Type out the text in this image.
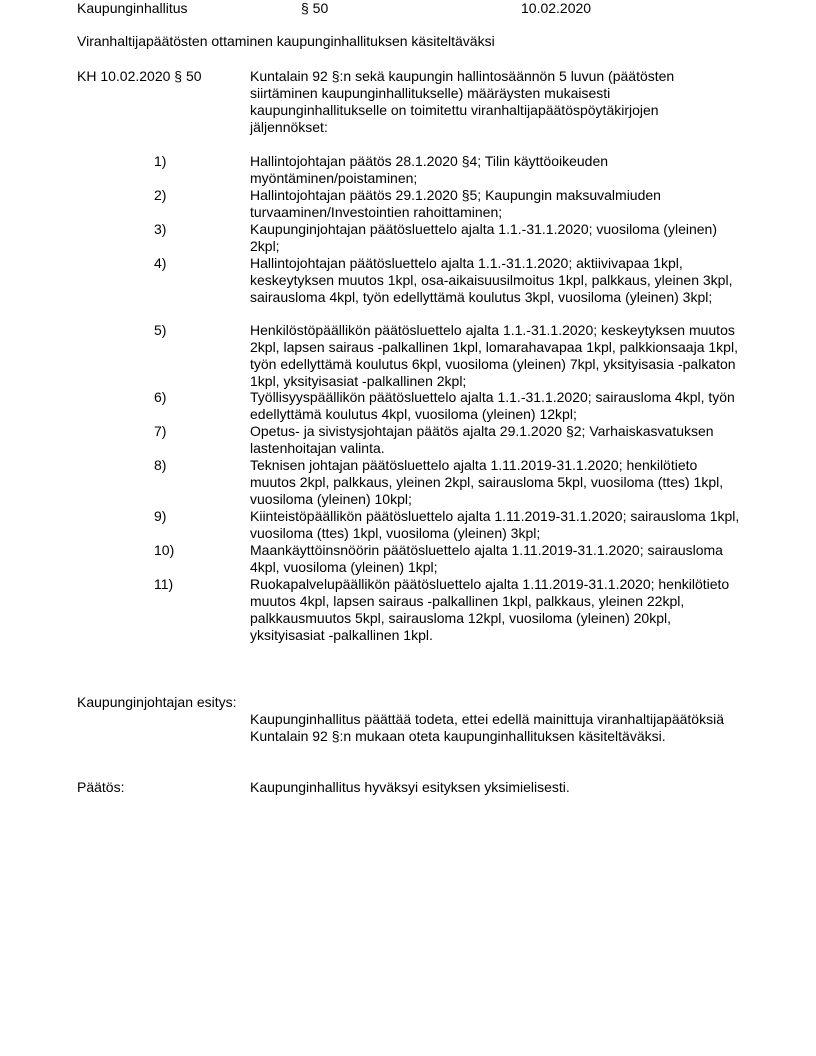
Kaupunginhallitus	§ 50	10.02.2020
Viranhaltijapäätösten ottaminen kaupunginhallituksen käsiteltäväksi
KH 10.02.2020 § 50	Kuntalain 92 §:n sekä kaupungin hallintosäännön 5 luvun (päätösten siirtäminen kaupunginhallitukselle) määräysten mukaisesti kaupunginhallitukselle on toimitettu viranhaltijapäätöspöytäkirjojen jäljennökset:
1)	Hallintojohtajan päätös 28.1.2020 §4; Tilin käyttöoikeuden myöntäminen/poistaminen;
2)	Hallintojohtajan päätös 29.1.2020 §5; Kaupungin maksuvalmiuden turvaaminen/Investointien rahoittaminen;
3)	Kaupunginjohtajan päätösluettelo ajalta 1.1.-31.1.2020; vuosiloma (yleinen) 2kpl;
4)	Hallintojohtajan päätösluettelo ajalta 1.1.-31.1.2020; aktiivivapaa 1kpl, keskeytyksen muutos 1kpl, osa-aikaisuusilmoitus 1kpl, palkkaus, yleinen 3kpl, sairausloma 4kpl, työn edellyttämä koulutus 3kpl, vuosiloma (yleinen) 3kpl;
5)	Henkilöstöpäällikön päätösluettelo ajalta 1.1.-31.1.2020; keskeytyksen muutos 2kpl, lapsen sairaus -palkallinen 1kpl, lomarahavapaa 1kpl, palkkionsaaja 1kpl, työn edellyttämä koulutus 6kpl, vuosiloma (yleinen) 7kpl, yksityisasia -palkaton 1kpl, yksityisasiat -palkallinen 2kpl;
6)	Työllisyyspäällikön päätösluettelo ajalta 1.1.-31.1.2020; sairausloma 4kpl, työn edellyttämä koulutus 4kpl, vuosiloma (yleinen) 12kpl;
7)	Opetus- ja sivistysjohtajan päätös ajalta 29.1.2020 §2; Varhaiskasvatuksen lastenhoitajan valinta.
8)	Teknisen johtajan päätösluettelo ajalta 1.11.2019-31.1.2020; henkilötieto muutos 2kpl, palkkaus, yleinen 2kpl, sairausloma 5kpl, vuosiloma (ttes) 1kpl, vuosiloma (yleinen) 10kpl;
9)	Kiinteistöpäällikön päätösluettelo ajalta 1.11.2019-31.1.2020; sairausloma 1kpl, vuosiloma (ttes) 1kpl, vuosiloma (yleinen) 3kpl;
10)	Maankäyttöinsnöörin päätösluettelo ajalta 1.11.2019-31.1.2020; sairausloma 4kpl, vuosiloma (yleinen) 1kpl;
11)	Ruokapalvelupäällikön päätösluettelo ajalta 1.11.2019-31.1.2020; henkilötieto muutos 4kpl, lapsen sairaus -palkallinen 1kpl, palkkaus, yleinen 22kpl, palkkausmuutos 5kpl, sairausloma 12kpl, vuosiloma (yleinen) 20kpl, yksityisasiat -palkallinen 1kpl.
Kaupunginjohtajan esitys:
Kaupunginhallitus päättää todeta, ettei edellä mainittuja viranhaltijapäätöksiä Kuntalain 92 §:n mukaan oteta kaupunginhallituksen käsiteltäväksi.
Päätös:	Kaupunginhallitus hyväksyi esityksen yksimielisesti.
